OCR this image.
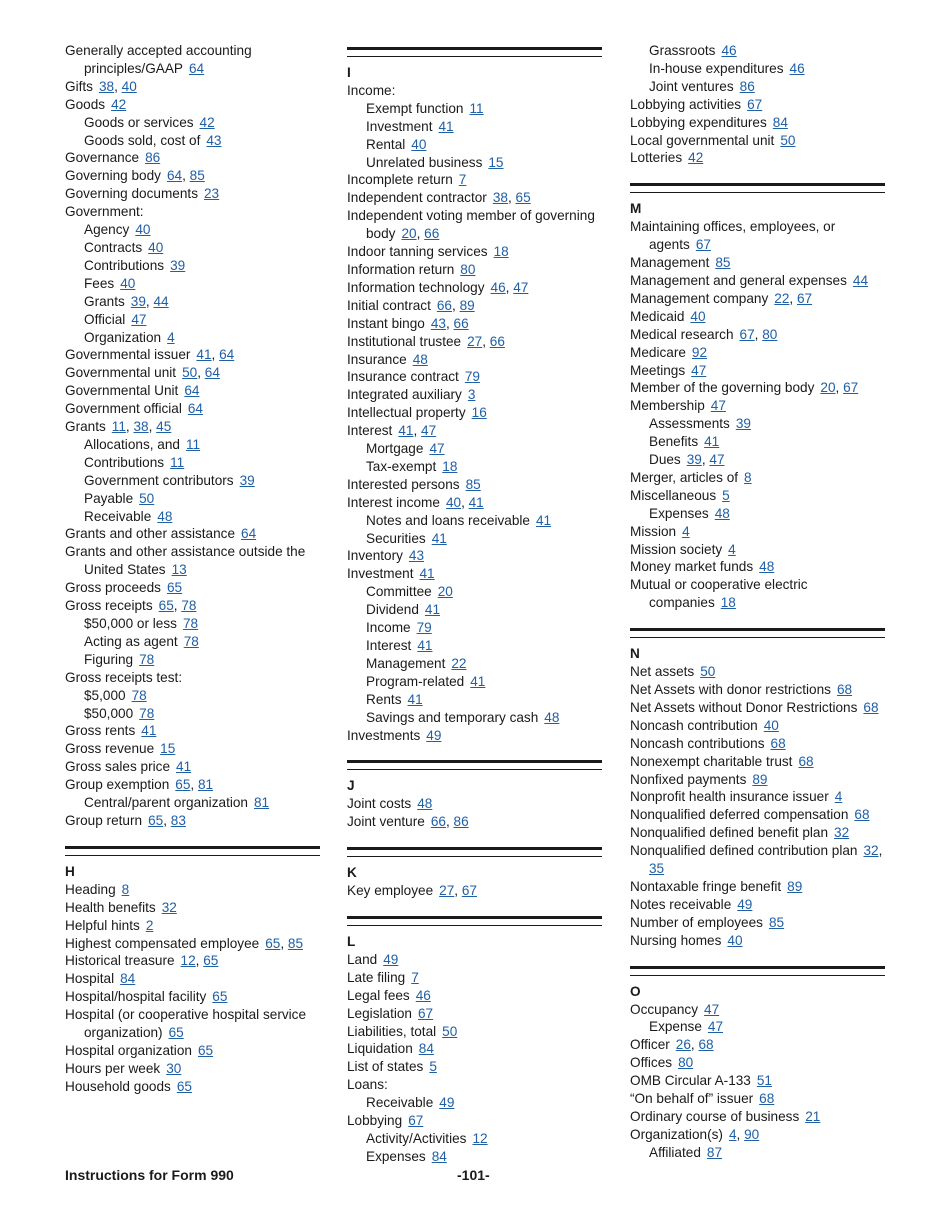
Generally accepted accounting principles/GAAP 64
Gifts 38, 40
Goods 42
Goods or services 42
Goods sold, cost of 43
Governance 86
Governing body 64, 85
Governing documents 23
Government:
Agency 40
Contracts 40
Contributions 39
Fees 40
Grants 39, 44
Official 47
Organization 4
Governmental issuer 41, 64
Governmental unit 50, 64
Governmental Unit 64
Government official 64
Grants 11, 38, 45
Allocations, and 11
Contributions 11
Government contributors 39
Payable 50
Receivable 48
Grants and other assistance 64
Grants and other assistance outside the United States 13
Gross proceeds 65
Gross receipts 65, 78
$50,000 or less 78
Acting as agent 78
Figuring 78
Gross receipts test:
$5,000 78
$50,000 78
Gross rents 41
Gross revenue 15
Gross sales price 41
Group exemption 65, 81
Central/parent organization 81
Group return 65, 83
H
Heading 8
Health benefits 32
Helpful hints 2
Highest compensated employee 65, 85
Historical treasure 12, 65
Hospital 84
Hospital/hospital facility 65
Hospital (or cooperative hospital service organization) 65
Hospital organization 65
Hours per week 30
Household goods 65
I
Income:
Exempt function 11
Investment 41
Rental 40
Unrelated business 15
Incomplete return 7
Independent contractor 38, 65
Independent voting member of governing body 20, 66
Indoor tanning services 18
Information return 80
Information technology 46, 47
Initial contract 66, 89
Instant bingo 43, 66
Institutional trustee 27, 66
Insurance 48
Insurance contract 79
Integrated auxiliary 3
Intellectual property 16
Interest 41, 47
Mortgage 47
Tax-exempt 18
Interested persons 85
Interest income 40, 41
Notes and loans receivable 41
Securities 41
Inventory 43
Investment 41
Committee 20
Dividend 41
Income 79
Interest 41
Management 22
Program-related 41
Rents 41
Savings and temporary cash 48
Investments 49
J
Joint costs 48
Joint venture 66, 86
K
Key employee 27, 67
L
Land 49
Late filing 7
Legal fees 46
Legislation 67
Liabilities, total 50
Liquidation 84
List of states 5
Loans:
Receivable 49
Lobbying 67
Activity/Activities 12
Expenses 84
Grassroots 46
In-house expenditures 46
Joint ventures 86
Lobbying activities 67
Lobbying expenditures 84
Local governmental unit 50
Lotteries 42
M
Maintaining offices, employees, or agents 67
Management 85
Management and general expenses 44
Management company 22, 67
Medicaid 40
Medical research 67, 80
Medicare 92
Meetings 47
Member of the governing body 20, 67
Membership 47
Assessments 39
Benefits 41
Dues 39, 47
Merger, articles of 8
Miscellaneous 5
Expenses 48
Mission 4
Mission society 4
Money market funds 48
Mutual or cooperative electric companies 18
N
Net assets 50
Net Assets with donor restrictions 68
Net Assets without Donor Restrictions 68
Noncash contribution 40
Noncash contributions 68
Nonexempt charitable trust 68
Nonfixed payments 89
Nonprofit health insurance issuer 4
Nonqualified deferred compensation 68
Nonqualified defined benefit plan 32
Nonqualified defined contribution plan 32, 35
Nontaxable fringe benefit 89
Notes receivable 49
Number of employees 85
Nursing homes 40
O
Occupancy 47
Expense 47
Officer 26, 68
Offices 80
OMB Circular A-133 51
“On behalf of” issuer 68
Ordinary course of business 21
Organization(s) 4, 90
Affiliated 87
Instructions for Form 990	-101-
